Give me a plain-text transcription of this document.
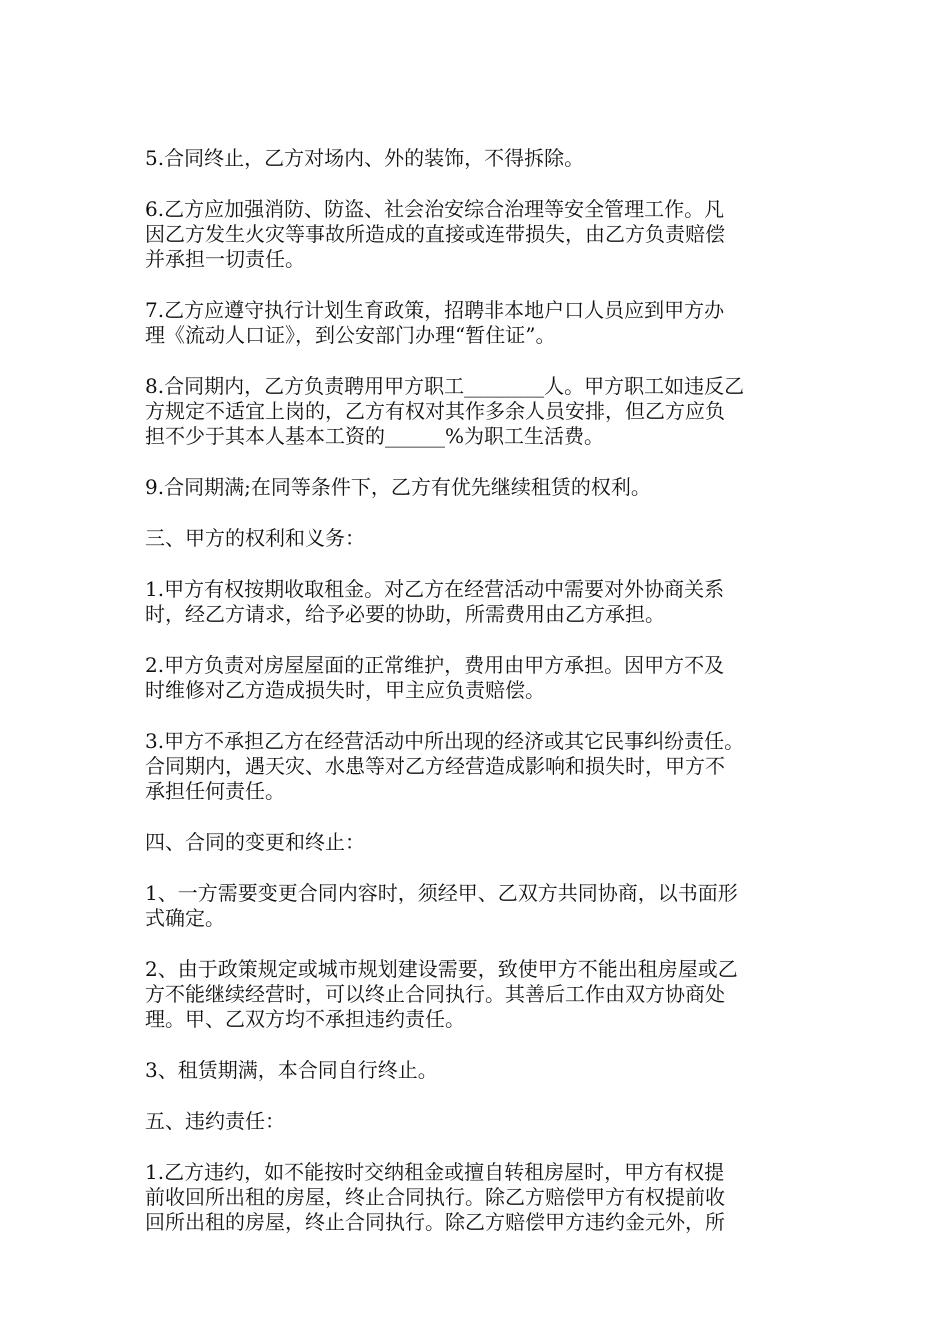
5.合同终止，乙方对场内、外的装饰，不得拆除。
6.乙方应加强消防、防盗、社会治安综合治理等安全管理工作。凡
因乙方发生火灾等事故所造成的直接或连带损失，由乙方负责赔偿
并承担一切责任。
7.乙方应遵守执行计划生育政策，招聘非本地户口人员应到甲方办
理《流动人口证》，到公安部门办理“暂住证”。
8.合同期内，乙方负责聘用甲方职工________人。甲方职工如违反乙
方规定不适宜上岗的，乙方有权对其作多余人员安排，但乙方应负
担不少于其本人基本工资的______%为职工生活费。
9.合同期满;在同等条件下，乙方有优先继续租赁的权利。
三、甲方的权利和义务：
1.甲方有权按期收取租金。对乙方在经营活动中需要对外协商关系
时，经乙方请求，给予必要的协助，所需费用由乙方承担。
2.甲方负责对房屋屋面的正常维护，费用由甲方承担。因甲方不及
时维修对乙方造成损失时，甲主应负责赔偿。
3.甲方不承担乙方在经营活动中所出现的经济或其它民事纠纷责任。
合同期内，遇天灾、水患等对乙方经营造成影响和损失时，甲方不
承担任何责任。
四、合同的变更和终止：
1、一方需要变更合同内容时，须经甲、乙双方共同协商，以书面形
式确定。
2、由于政策规定或城市规划建设需要，致使甲方不能出租房屋或乙
方不能继续经营时，可以终止合同执行。其善后工作由双方协商处
理。甲、乙双方均不承担违约责任。
3、租赁期满，本合同自行终止。
五、违约责任：
1.乙方违约，如不能按时交纳租金或擅自转租房屋时，甲方有权提
前收回所出租的房屋，终止合同执行。除乙方赔偿甲方有权提前收
回所出租的房屋，终止合同执行。除乙方赔偿甲方违约金元外，所
